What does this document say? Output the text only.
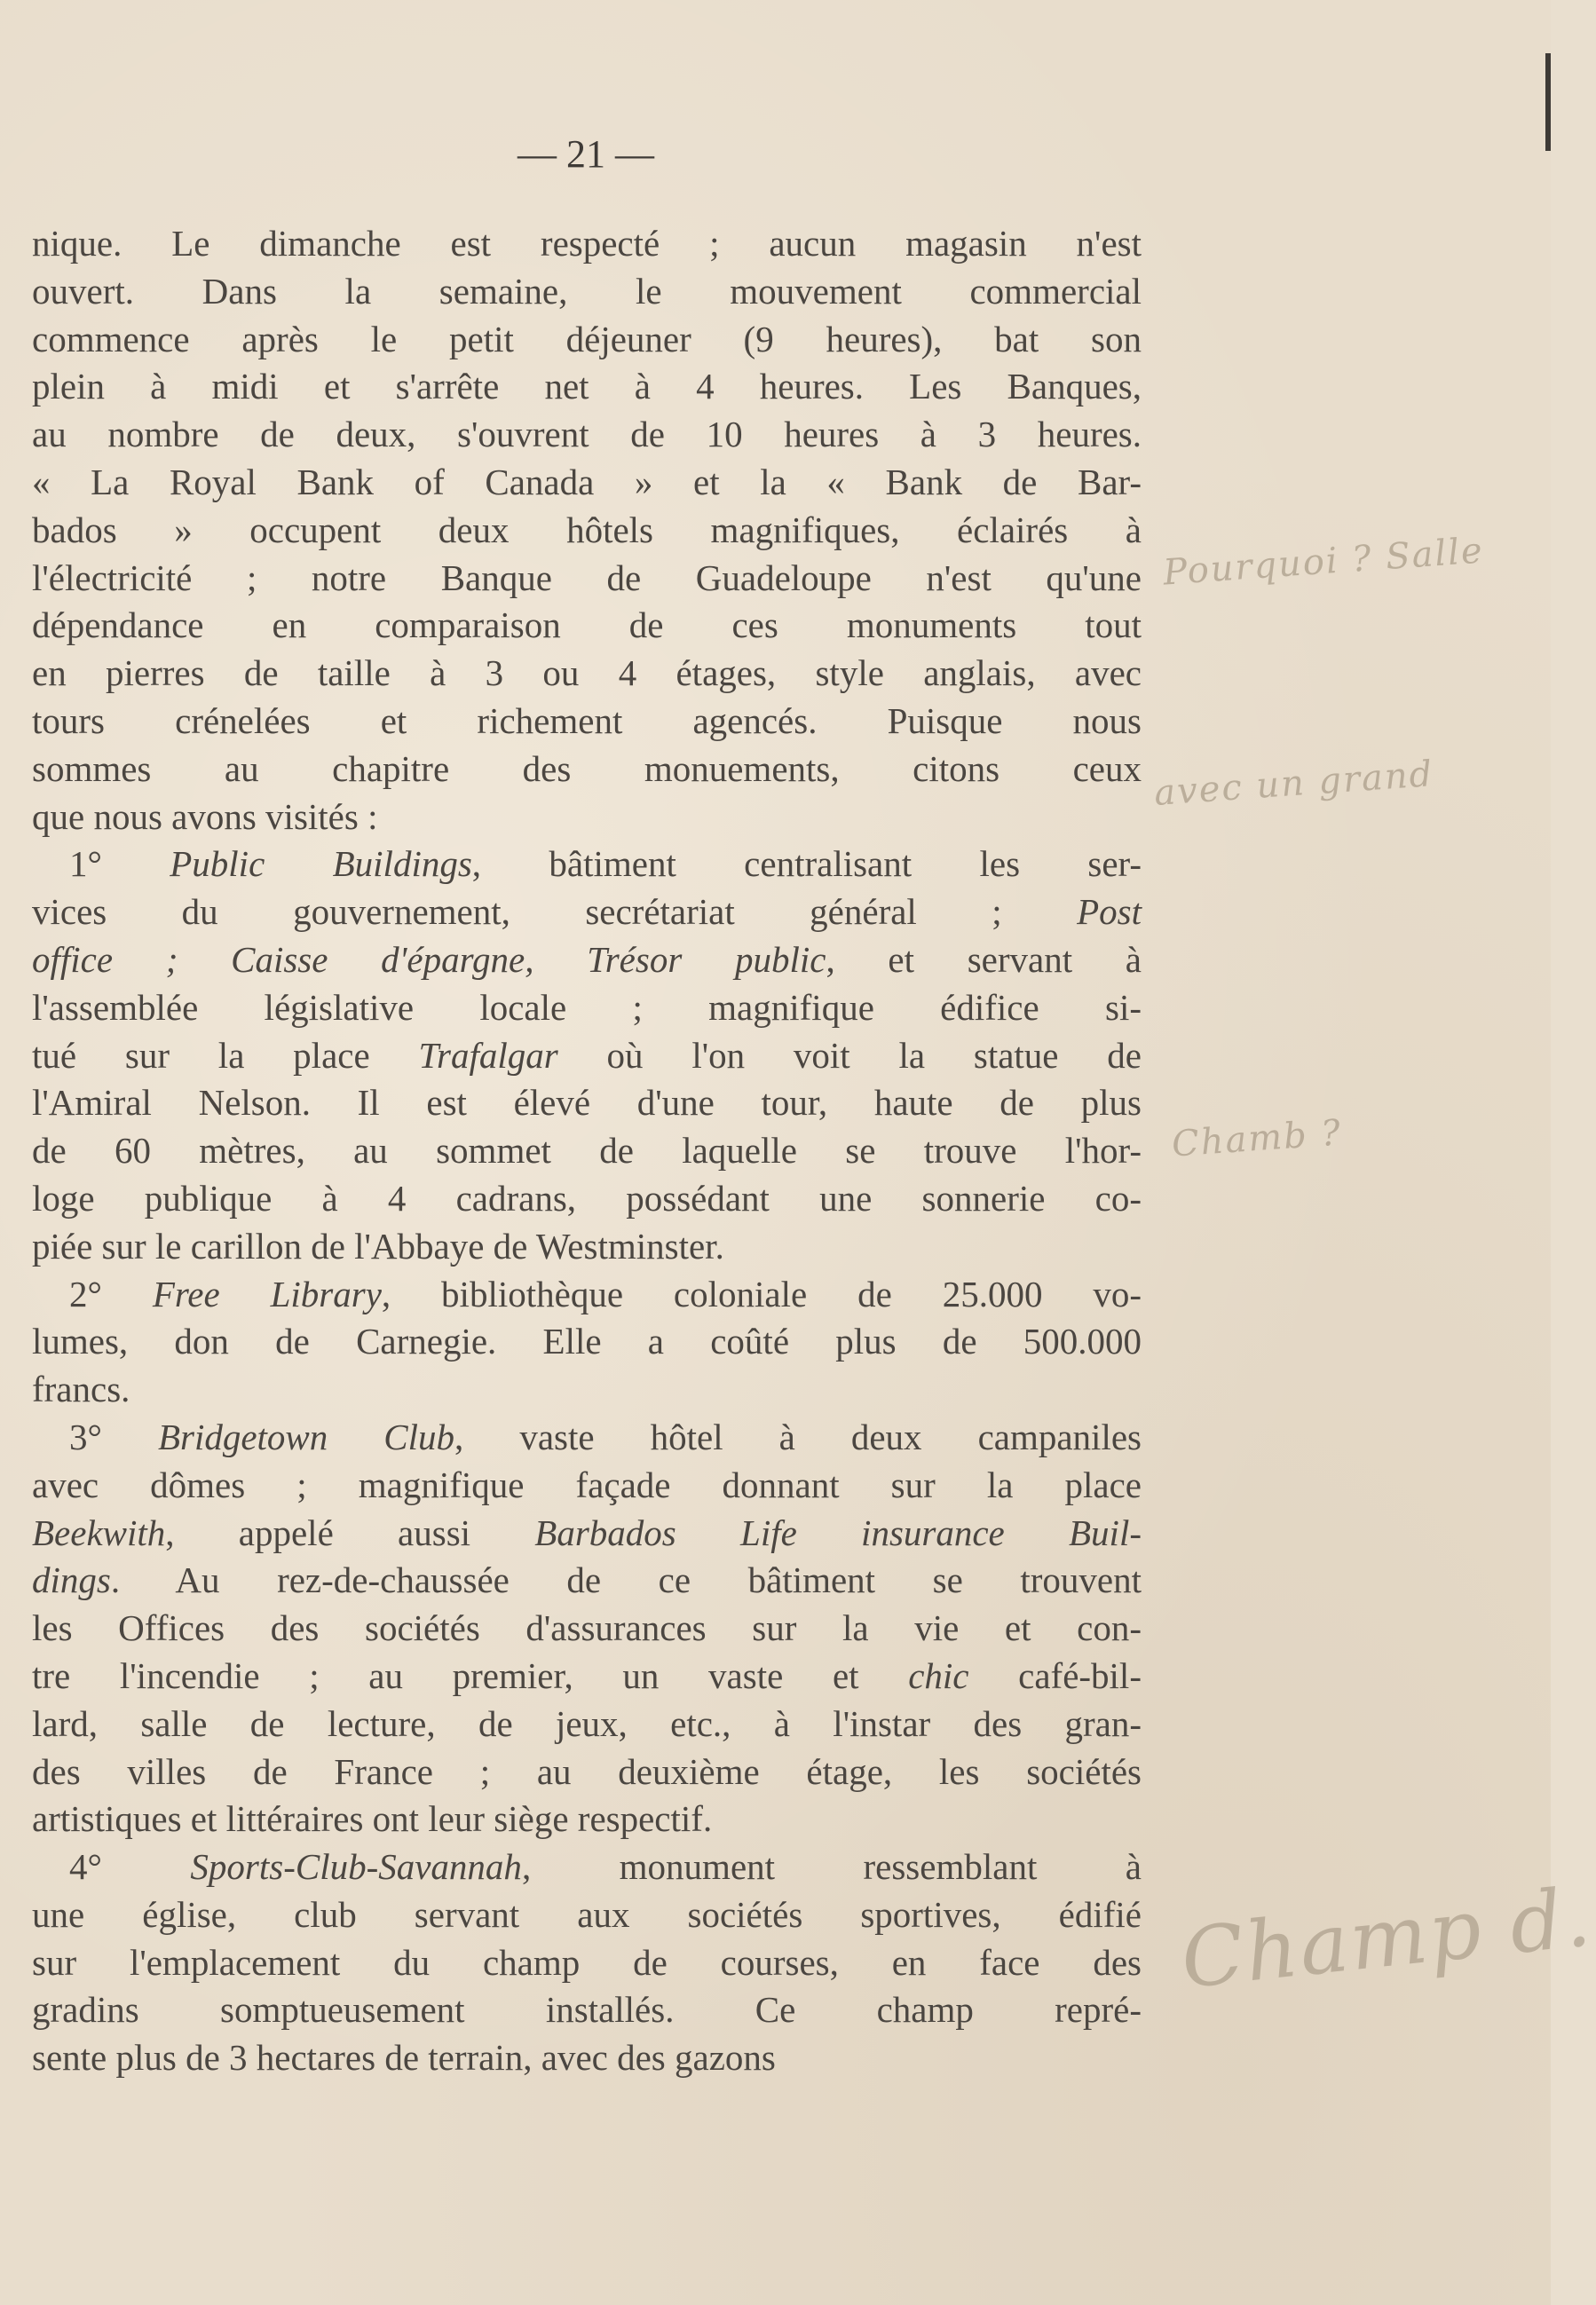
— 21 —
nique. Le dimanche est respecté ; aucun magasin n'est
ouvert. Dans la semaine, le mouvement commercial
commence après le petit déjeuner (9 heures), bat son
plein à midi et s'arrête net à 4 heures. Les Banques,
au nombre de deux, s'ouvrent de 10 heures à 3 heures.
« La Royal Bank of Canada » et la « Bank de Bar-
bados » occupent deux hôtels magnifiques, éclairés à
l'électricité ; notre Banque de Guadeloupe n'est qu'une
dépendance en comparaison de ces monuments tout
en pierres de taille à 3 ou 4 étages, style anglais, avec
tours crénelées et richement agencés. Puisque nous
sommes au chapitre des monuements, citons ceux
que nous avons visités :
1° Public Buildings, bâtiment centralisant les ser-
vices du gouvernement, secrétariat général ; Post
office ; Caisse d'épargne, Trésor public, et servant à
l'assemblée législative locale ; magnifique édifice si-
tué sur la place Trafalgar où l'on voit la statue de
l'Amiral Nelson. Il est élevé d'une tour, haute de plus
de 60 mètres, au sommet de laquelle se trouve l'hor-
loge publique à 4 cadrans, possédant une sonnerie co-
piée sur le carillon de l'Abbaye de Westminster.
2° Free Library, bibliothèque coloniale de 25.000 vo-
lumes, don de Carnegie. Elle a coûté plus de 500.000
francs.
3° Bridgetown Club, vaste hôtel à deux campaniles
avec dômes ; magnifique façade donnant sur la place
Beekwith, appelé aussi Barbados Life insurance Buil-
dings. Au rez-de-chaussée de ce bâtiment se trouvent
les Offices des sociétés d'assurances sur la vie et con-
tre l'incendie ; au premier, un vaste et chic café-bil-
lard, salle de lecture, de jeux, etc., à l'instar des gran-
des villes de France ; au deuxième étage, les sociétés
artistiques et littéraires ont leur siège respectif.
4° Sports-Club-Savannah, monument ressemblant à
une église, club servant aux sociétés sportives, édifié
sur l'emplacement du champ de courses, en face des
gradins somptueusement installés. Ce champ repré-
sente plus de 3 hectares de terrain, avec des gazons
Pourquoi ? Salle
avec un grand
Chamb ?
Champ d.
